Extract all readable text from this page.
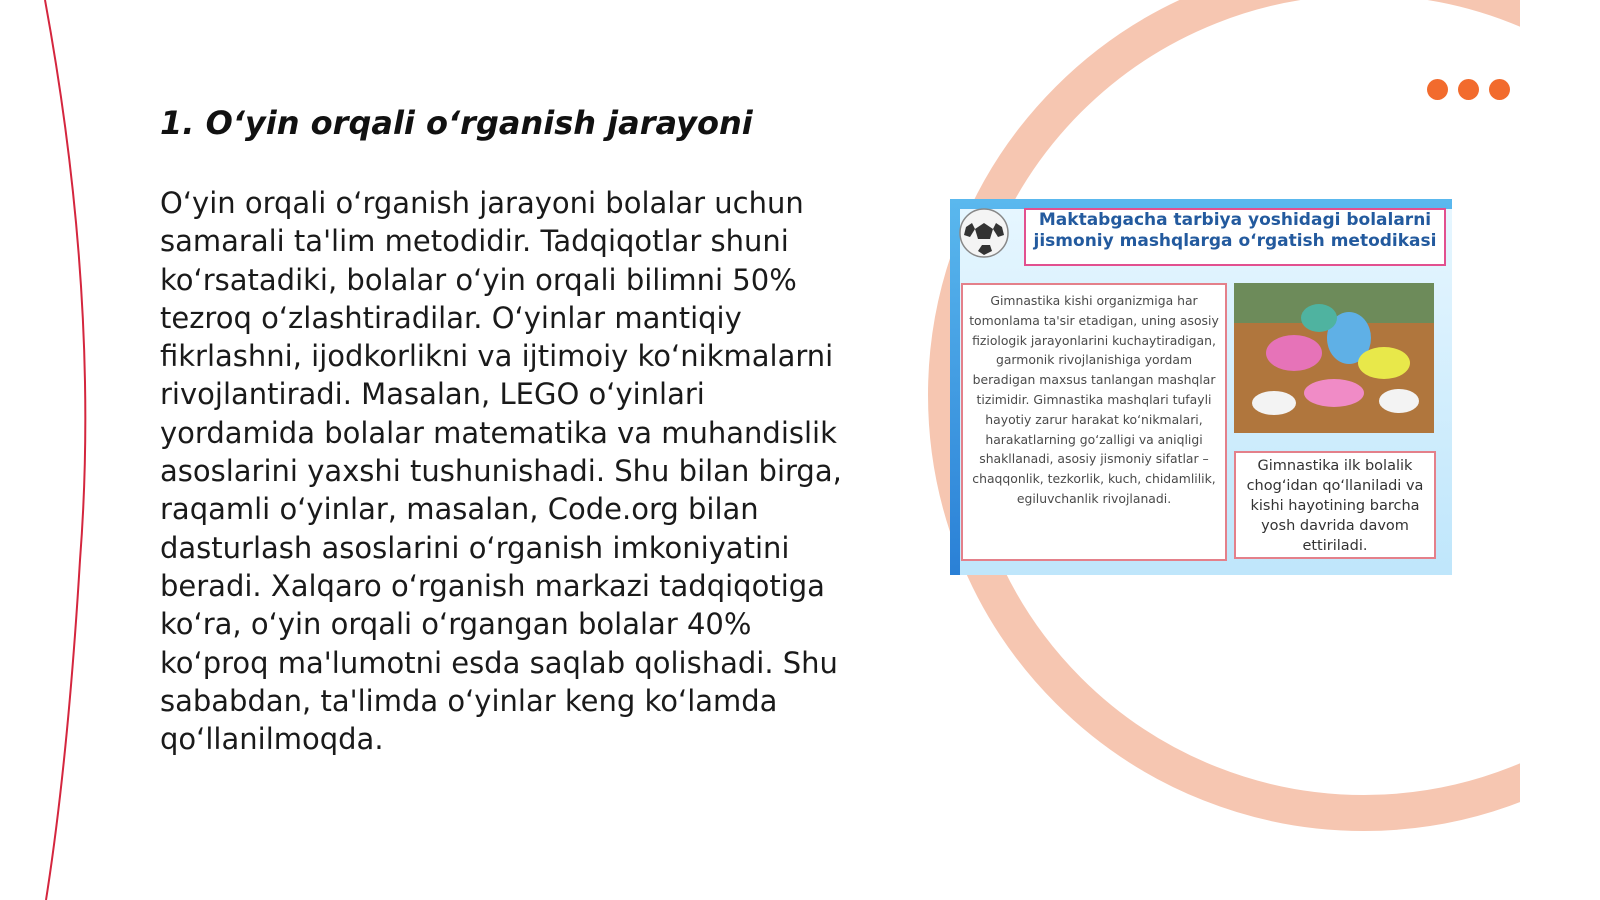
1. O‘yin orqali o‘rganish jarayoni

O‘yin orqali o‘rganish jarayoni bolalar uchun samarali ta'lim metodidir. Tadqiqotlar shuni ko‘rsatadiki, bolalar o‘yin orqali bilimni 50% tezroq o‘zlashtiradilar. O‘yinlar mantiqiy fikrlashni, ijodkorlikni va ijtimoiy ko‘nikmalarni rivojlantiradi. Masalan, LEGO o‘yinlari yordamida bolalar matematika va muhandislik asoslarini yaxshi tushunishadi. Shu bilan birga, raqamli o‘yinlar, masalan, Code.org bilan dasturlash asoslarini o‘rganish imkoniyatini beradi. Xalqaro o‘rganish markazi tadqiqotiga ko‘ra, o‘yin orqali o‘rgangan bolalar 40% ko‘proq ma'lumotni esda saqlab qolishadi. Shu sababdan, ta'limda o‘yinlar keng ko‘lamda qo‘llanilmoqda.

Maktabgacha tarbiya yoshidagi bolalarni jismoniy mashqlarga o‘rgatish metodikasi
Gimnastika kishi organizmiga har tomonlama ta'sir etadigan, uning asosiy fiziologik jarayonlarini kuchaytiradigan, garmonik rivojlanishiga yordam beradigan maxsus tanlangan mashqlar tizimidir. Gimnastika mashqlari tufayli hayotiy zarur harakat ko‘nikmalari, harakatlarning go‘zalligi va aniqligi shakllanadi, asosiy jismoniy sifatlar – chaqqonlik, tezkorlik, kuch, chidamlilik, egiluvchanlik rivojlanadi.
Gimnastika ilk bolalik chog‘idan qo‘llaniladi va kishi hayotining barcha yosh davrida davom ettiriladi.
